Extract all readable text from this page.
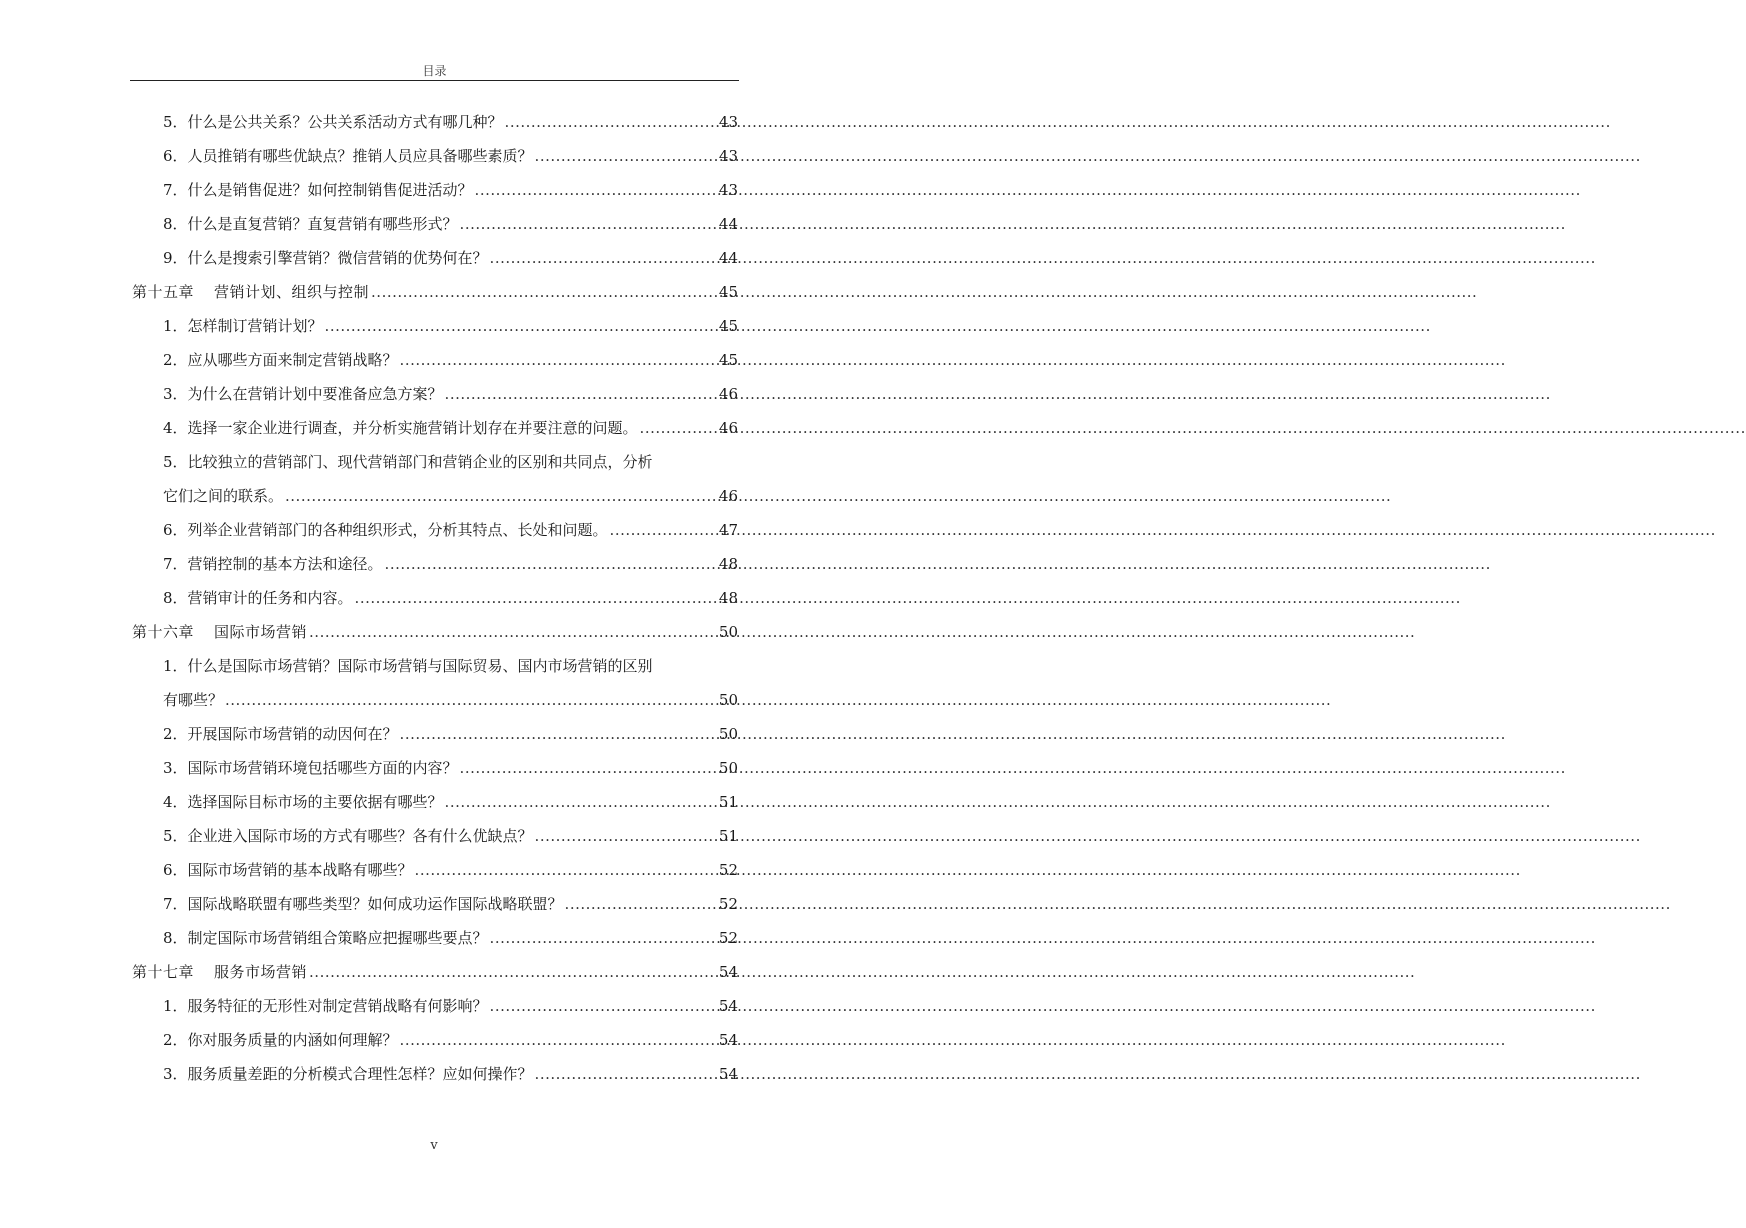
目录
5．什么是公共关系？公共关系活动方式有哪几种？ .....	43
6．人员推销有哪些优缺点？推销人员应具备哪些素质？ .....	43
7．什么是销售促进？如何控制销售促进活动？ .....	43
8．什么是直复营销？直复营销有哪些形式？ .....	44
9．什么是搜索引擎营销？微信营销的优势何在？ .....	44
第十五章 营销计划、组织与控制 .....	45
1．怎样制订营销计划？ .....	45
2．应从哪些方面来制定营销战略？ .....	45
3．为什么在营销计划中要准备应急方案？ .....	46
4．选择一家企业进行调查，并分析实施营销计划存在并要注意的问题。 .....	46
5．比较独立的营销部门、现代营销部门和营销企业的区别和共同点，分析
它们之间的联系。 .....	46
6．列举企业营销部门的各种组织形式，分析其特点、长处和问题。 .....	47
7．营销控制的基本方法和途径。 .....	48
8．营销审计的任务和内容。 .....	48
第十六章 国际市场营销 .....	50
1．什么是国际市场营销？国际市场营销与国际贸易、国内市场营销的区别
有哪些？ .....	50
2．开展国际市场营销的动因何在？ .....	50
3．国际市场营销环境包括哪些方面的内容？ .....	50
4．选择国际目标市场的主要依据有哪些？ .....	51
5．企业进入国际市场的方式有哪些？各有什么优缺点？ .....	51
6．国际市场营销的基本战略有哪些？ .....	52
7．国际战略联盟有哪些类型？如何成功运作国际战略联盟？ .....	52
8．制定国际市场营销组合策略应把握哪些要点？ .....	52
第十七章 服务市场营销 .....	54
1．服务特征的无形性对制定营销战略有何影响？ .....	54
2．你对服务质量的内涵如何理解？ .....	54
3．服务质量差距的分析模式合理性怎样？应如何操作？ .....	54
v
